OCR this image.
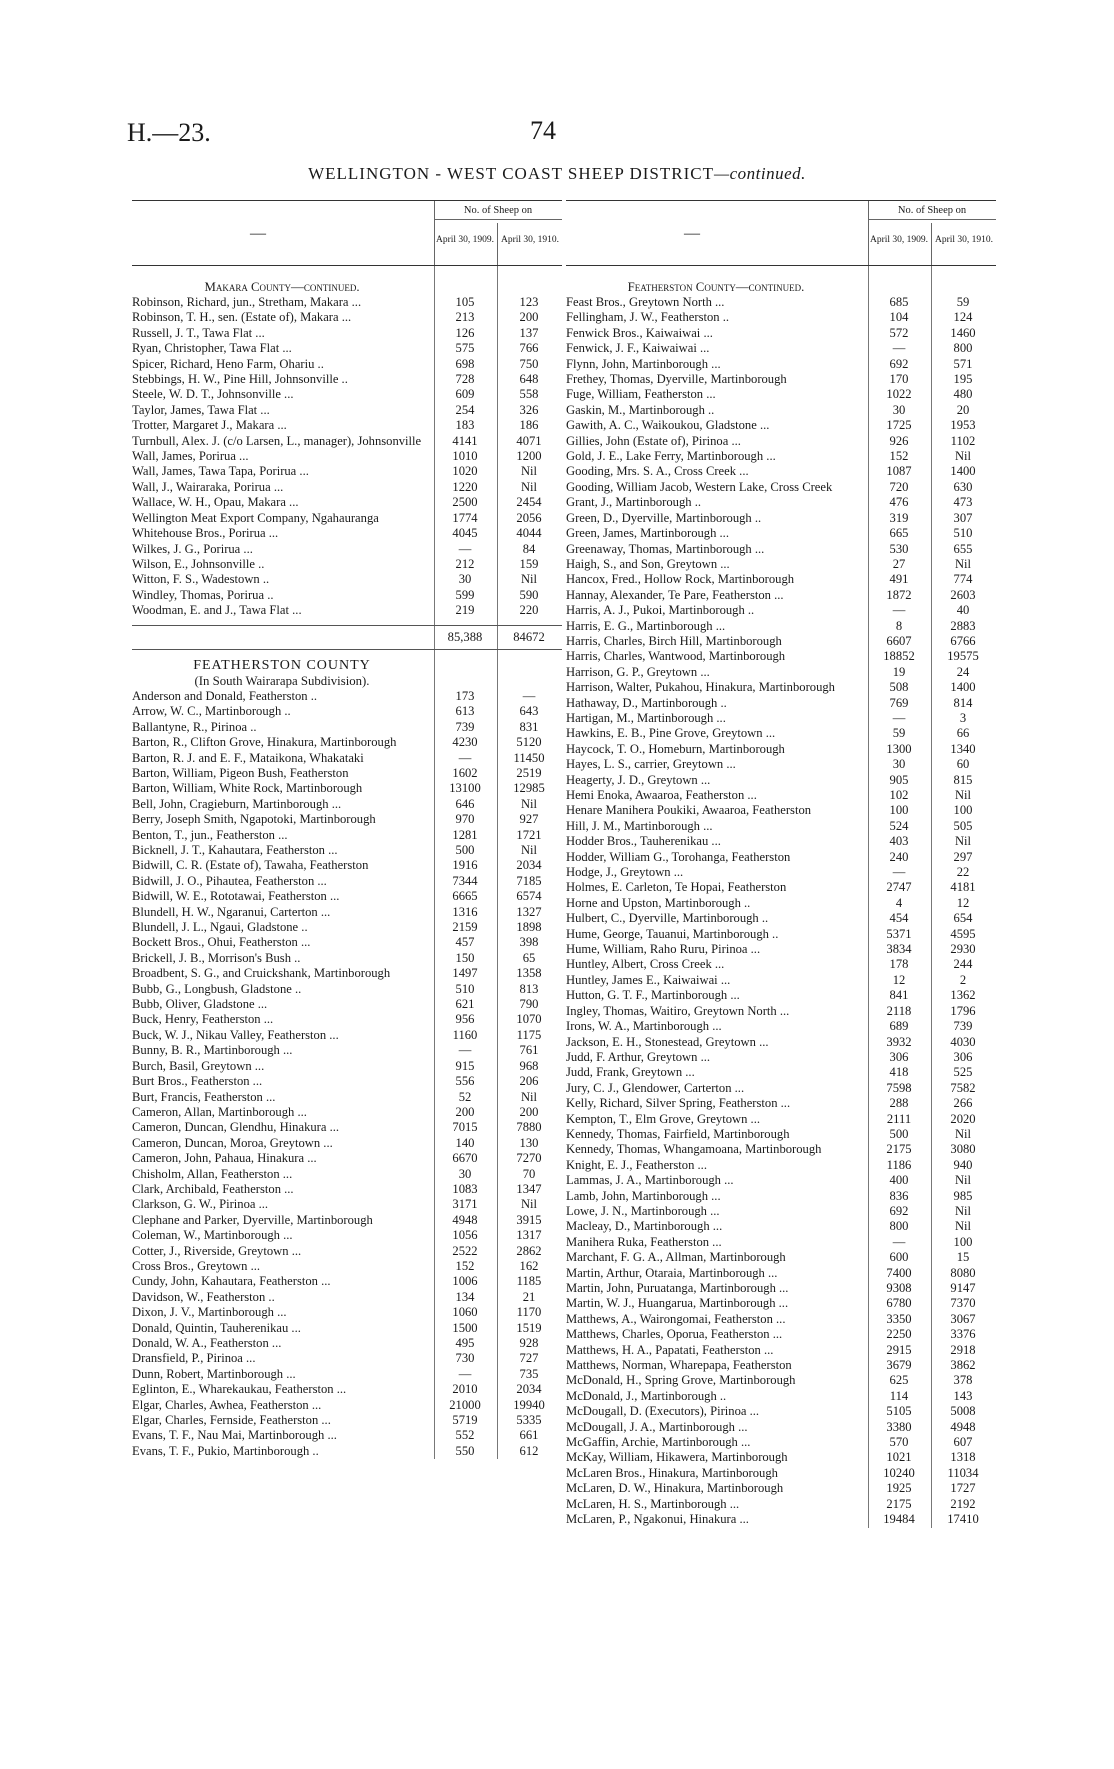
H.—23.	74
WELLINGTON - WEST COAST SHEEP DISTRICT—continued.
—
No. of Sheep on
April 30, 1909. April 30, 1910.
Makara County—continued.
Robinson, Richard, jun., Stretham, Makara ...	105	123
Robinson, T. H., sen. (Estate of), Makara ...	213	200
Russell, J. T., Tawa Flat ...	126	137
Ryan, Christopher, Tawa Flat ...	575	766
Spicer, Richard, Heno Farm, Ohariu ..	698	750
Stebbings, H. W., Pine Hill, Johnsonville ..	728	648
Steele, W. D. T., Johnsonville ...	609	558
Taylor, James, Tawa Flat ...	254	326
Trotter, Margaret J., Makara ...	183	186
Turnbull, Alex. J. (c/o Larsen, L., manager), Johnsonville	4141	4071
Wall, James, Porirua ...	1010	1200
Wall, James, Tawa Tapa, Porirua ...	1020	Nil
Wall, J., Wairaraka, Porirua ...	1220	Nil
Wallace, W. H., Opau, Makara ...	2500	2454
Wellington Meat Export Company, Ngahauranga	1774	2056
Whitehouse Bros., Porirua ...	4045	4044
Wilkes, J. G., Porirua ...	—	84
Wilson, E., Johnsonville ..	212	159
Witton, F. S., Wadestown ..	30	Nil
Windley, Thomas, Porirua ..	599	590
Woodman, E. and J., Tawa Flat ...	219	220
85,388	84672
FEATHERSTON COUNTY
(In South Wairarapa Subdivision).
Anderson and Donald, Featherston ..	173	—
Arrow, W. C., Martinborough ..	613	643
Ballantyne, R., Pirinoa ..	739	831
Barton, R., Clifton Grove, Hinakura, Martinborough	4230	5120
Barton, R. J. and E. F., Mataikona, Whakataki	—	11450
Barton, William, Pigeon Bush, Featherston	1602	2519
Barton, William, White Rock, Martinborough	13100	12985
Bell, John, Cragieburn, Martinborough ...	646	Nil
Berry, Joseph Smith, Ngapotoki, Martinborough	970	927
Benton, T., jun., Featherston ...	1281	1721
Bicknell, J. T., Kahautara, Featherston ...	500	Nil
Bidwill, C. R. (Estate of), Tawaha, Featherston	1916	2034
Bidwill, J. O., Pihautea, Featherston ...	7344	7185
Bidwill, W. E., Rototawai, Featherston ...	6665	6574
Blundell, H. W., Ngaranui, Carterton ...	1316	1327
Blundell, J. L., Ngaui, Gladstone ..	2159	1898
Bockett Bros., Ohui, Featherston ...	457	398
Brickell, J. B., Morrison's Bush ..	150	65
Broadbent, S. G., and Cruickshank, Martinborough	1497	1358
Bubb, G., Longbush, Gladstone ..	510	813
Bubb, Oliver, Gladstone ...	621	790
Buck, Henry, Featherston ...	956	1070
Buck, W. J., Nikau Valley, Featherston ...	1160	1175
Bunny, B. R., Martinborough ...	—	761
Burch, Basil, Greytown ...	915	968
Burt Bros., Featherston ...	556	206
Burt, Francis, Featherston ...	52	Nil
Cameron, Allan, Martinborough ...	200	200
Cameron, Duncan, Glendhu, Hinakura ...	7015	7880
Cameron, Duncan, Moroa, Greytown ...	140	130
Cameron, John, Pahaua, Hinakura ...	6670	7270
Chisholm, Allan, Featherston ...	30	70
Clark, Archibald, Featherston ...	1083	1347
Clarkson, G. W., Pirinoa ...	3171	Nil
Clephane and Parker, Dyerville, Martinborough	4948	3915
Coleman, W., Martinborough ...	1056	1317
Cotter, J., Riverside, Greytown ...	2522	2862
Cross Bros., Greytown ...	152	162
Cundy, John, Kahautara, Featherston ...	1006	1185
Davidson, W., Featherston ..	134	21
Dixon, J. V., Martinborough ...	1060	1170
Donald, Quintin, Tauherenikau ...	1500	1519
Donald, W. A., Featherston ...	495	928
Dransfield, P., Pirinoa ...	730	727
Dunn, Robert, Martinborough ...	—	735
Eglinton, E., Wharekaukau, Featherston ...	2010	2034
Elgar, Charles, Awhea, Featherston ...	21000	19940
Elgar, Charles, Fernside, Featherston ...	5719	5335
Evans, T. F., Nau Mai, Martinborough ...	552	661
Evans, T. F., Pukio, Martinborough ..	550	612
—
No. of Sheep on
April 30, 1909. April 30, 1910.
Featherston County—continued.
Feast Bros., Greytown North ...	685	59
Fellingham, J. W., Featherston ..	104	124
Fenwick Bros., Kaiwaiwai ...	572	1460
Fenwick, J. F., Kaiwaiwai ...	—	800
Flynn, John, Martinborough ...	692	571
Frethey, Thomas, Dyerville, Martinborough	170	195
Fuge, William, Featherston ...	1022	480
Gaskin, M., Martinborough ..	30	20
Gawith, A. C., Waikoukou, Gladstone ...	1725	1953
Gillies, John (Estate of), Pirinoa ...	926	1102
Gold, J. E., Lake Ferry, Martinborough ...	152	Nil
Gooding, Mrs. S. A., Cross Creek ...	1087	1400
Gooding, William Jacob, Western Lake, Cross Creek	720	630
Grant, J., Martinborough ..	476	473
Green, D., Dyerville, Martinborough ..	319	307
Green, James, Martinborough ...	665	510
Greenaway, Thomas, Martinborough ...	530	655
Haigh, S., and Son, Greytown ...	27	Nil
Hancox, Fred., Hollow Rock, Martinborough	491	774
Hannay, Alexander, Te Pare, Featherston ...	1872	2603
Harris, A. J., Pukoi, Martinborough ..	—	40
Harris, E. G., Martinborough ...	8	2883
Harris, Charles, Birch Hill, Martinborough	6607	6766
Harris, Charles, Wantwood, Martinborough	18852	19575
Harrison, G. P., Greytown ...	19	24
Harrison, Walter, Pukahou, Hinakura, Martinborough	508	1400
Hathaway, D., Martinborough ..	769	814
Hartigan, M., Martinborough ...	—	3
Hawkins, E. B., Pine Grove, Greytown ...	59	66
Haycock, T. O., Homeburn, Martinborough	1300	1340
Hayes, L. S., carrier, Greytown ...	30	60
Heagerty, J. D., Greytown ...	905	815
Hemi Enoka, Awaaroa, Featherston ...	102	Nil
Henare Manihera Poukiki, Awaaroa, Featherston	100	100
Hill, J. M., Martinborough ...	524	505
Hodder Bros., Tauherenikau ...	403	Nil
Hodder, William G., Torohanga, Featherston	240	297
Hodge, J., Greytown ...	—	22
Holmes, E. Carleton, Te Hopai, Featherston	2747	4181
Horne and Upston, Martinborough ..	4	12
Hulbert, C., Dyerville, Martinborough ..	454	654
Hume, George, Tauanui, Martinborough ..	5371	4595
Hume, William, Raho Ruru, Pirinoa ...	3834	2930
Huntley, Albert, Cross Creek ...	178	244
Huntley, James E., Kaiwaiwai ...	12	2
Hutton, G. T. F., Martinborough ...	841	1362
Ingley, Thomas, Waitiro, Greytown North ...	2118	1796
Irons, W. A., Martinborough ...	689	739
Jackson, E. H., Stonestead, Greytown ...	3932	4030
Judd, F. Arthur, Greytown ...	306	306
Judd, Frank, Greytown ...	418	525
Jury, C. J., Glendower, Carterton ...	7598	7582
Kelly, Richard, Silver Spring, Featherston ...	288	266
Kempton, T., Elm Grove, Greytown ...	2111	2020
Kennedy, Thomas, Fairfield, Martinborough	500	Nil
Kennedy, Thomas, Whangamoana, Martinborough	2175	3080
Knight, E. J., Featherston ...	1186	940
Lammas, J. A., Martinborough ...	400	Nil
Lamb, John, Martinborough ...	836	985
Lowe, J. N., Martinborough ...	692	Nil
Macleay, D., Martinborough ...	800	Nil
Manihera Ruka, Featherston ...	—	100
Marchant, F. G. A., Allman, Martinborough	600	15
Martin, Arthur, Otaraia, Martinborough ...	7400	8080
Martin, John, Puruatanga, Martinborough ...	9308	9147
Martin, W. J., Huangarua, Martinborough ...	6780	7370
Matthews, A., Wairongomai, Featherston ...	3350	3067
Matthews, Charles, Oporua, Featherston ...	2250	3376
Matthews, H. A., Papatati, Featherston ...	2915	2918
Matthews, Norman, Wharepapa, Featherston	3679	3862
McDonald, H., Spring Grove, Martinborough	625	378
McDonald, J., Martinborough ..	114	143
McDougall, D. (Executors), Pirinoa ...	5105	5008
McDougall, J. A., Martinborough ...	3380	4948
McGaffin, Archie, Martinborough ...	570	607
McKay, William, Hikawera, Martinborough	1021	1318
McLaren Bros., Hinakura, Martinborough	10240	11034
McLaren, D. W., Hinakura, Martinborough	1925	1727
McLaren, H. S., Martinborough ...	2175	2192
McLaren, P., Ngakonui, Hinakura ...	19484	17410
